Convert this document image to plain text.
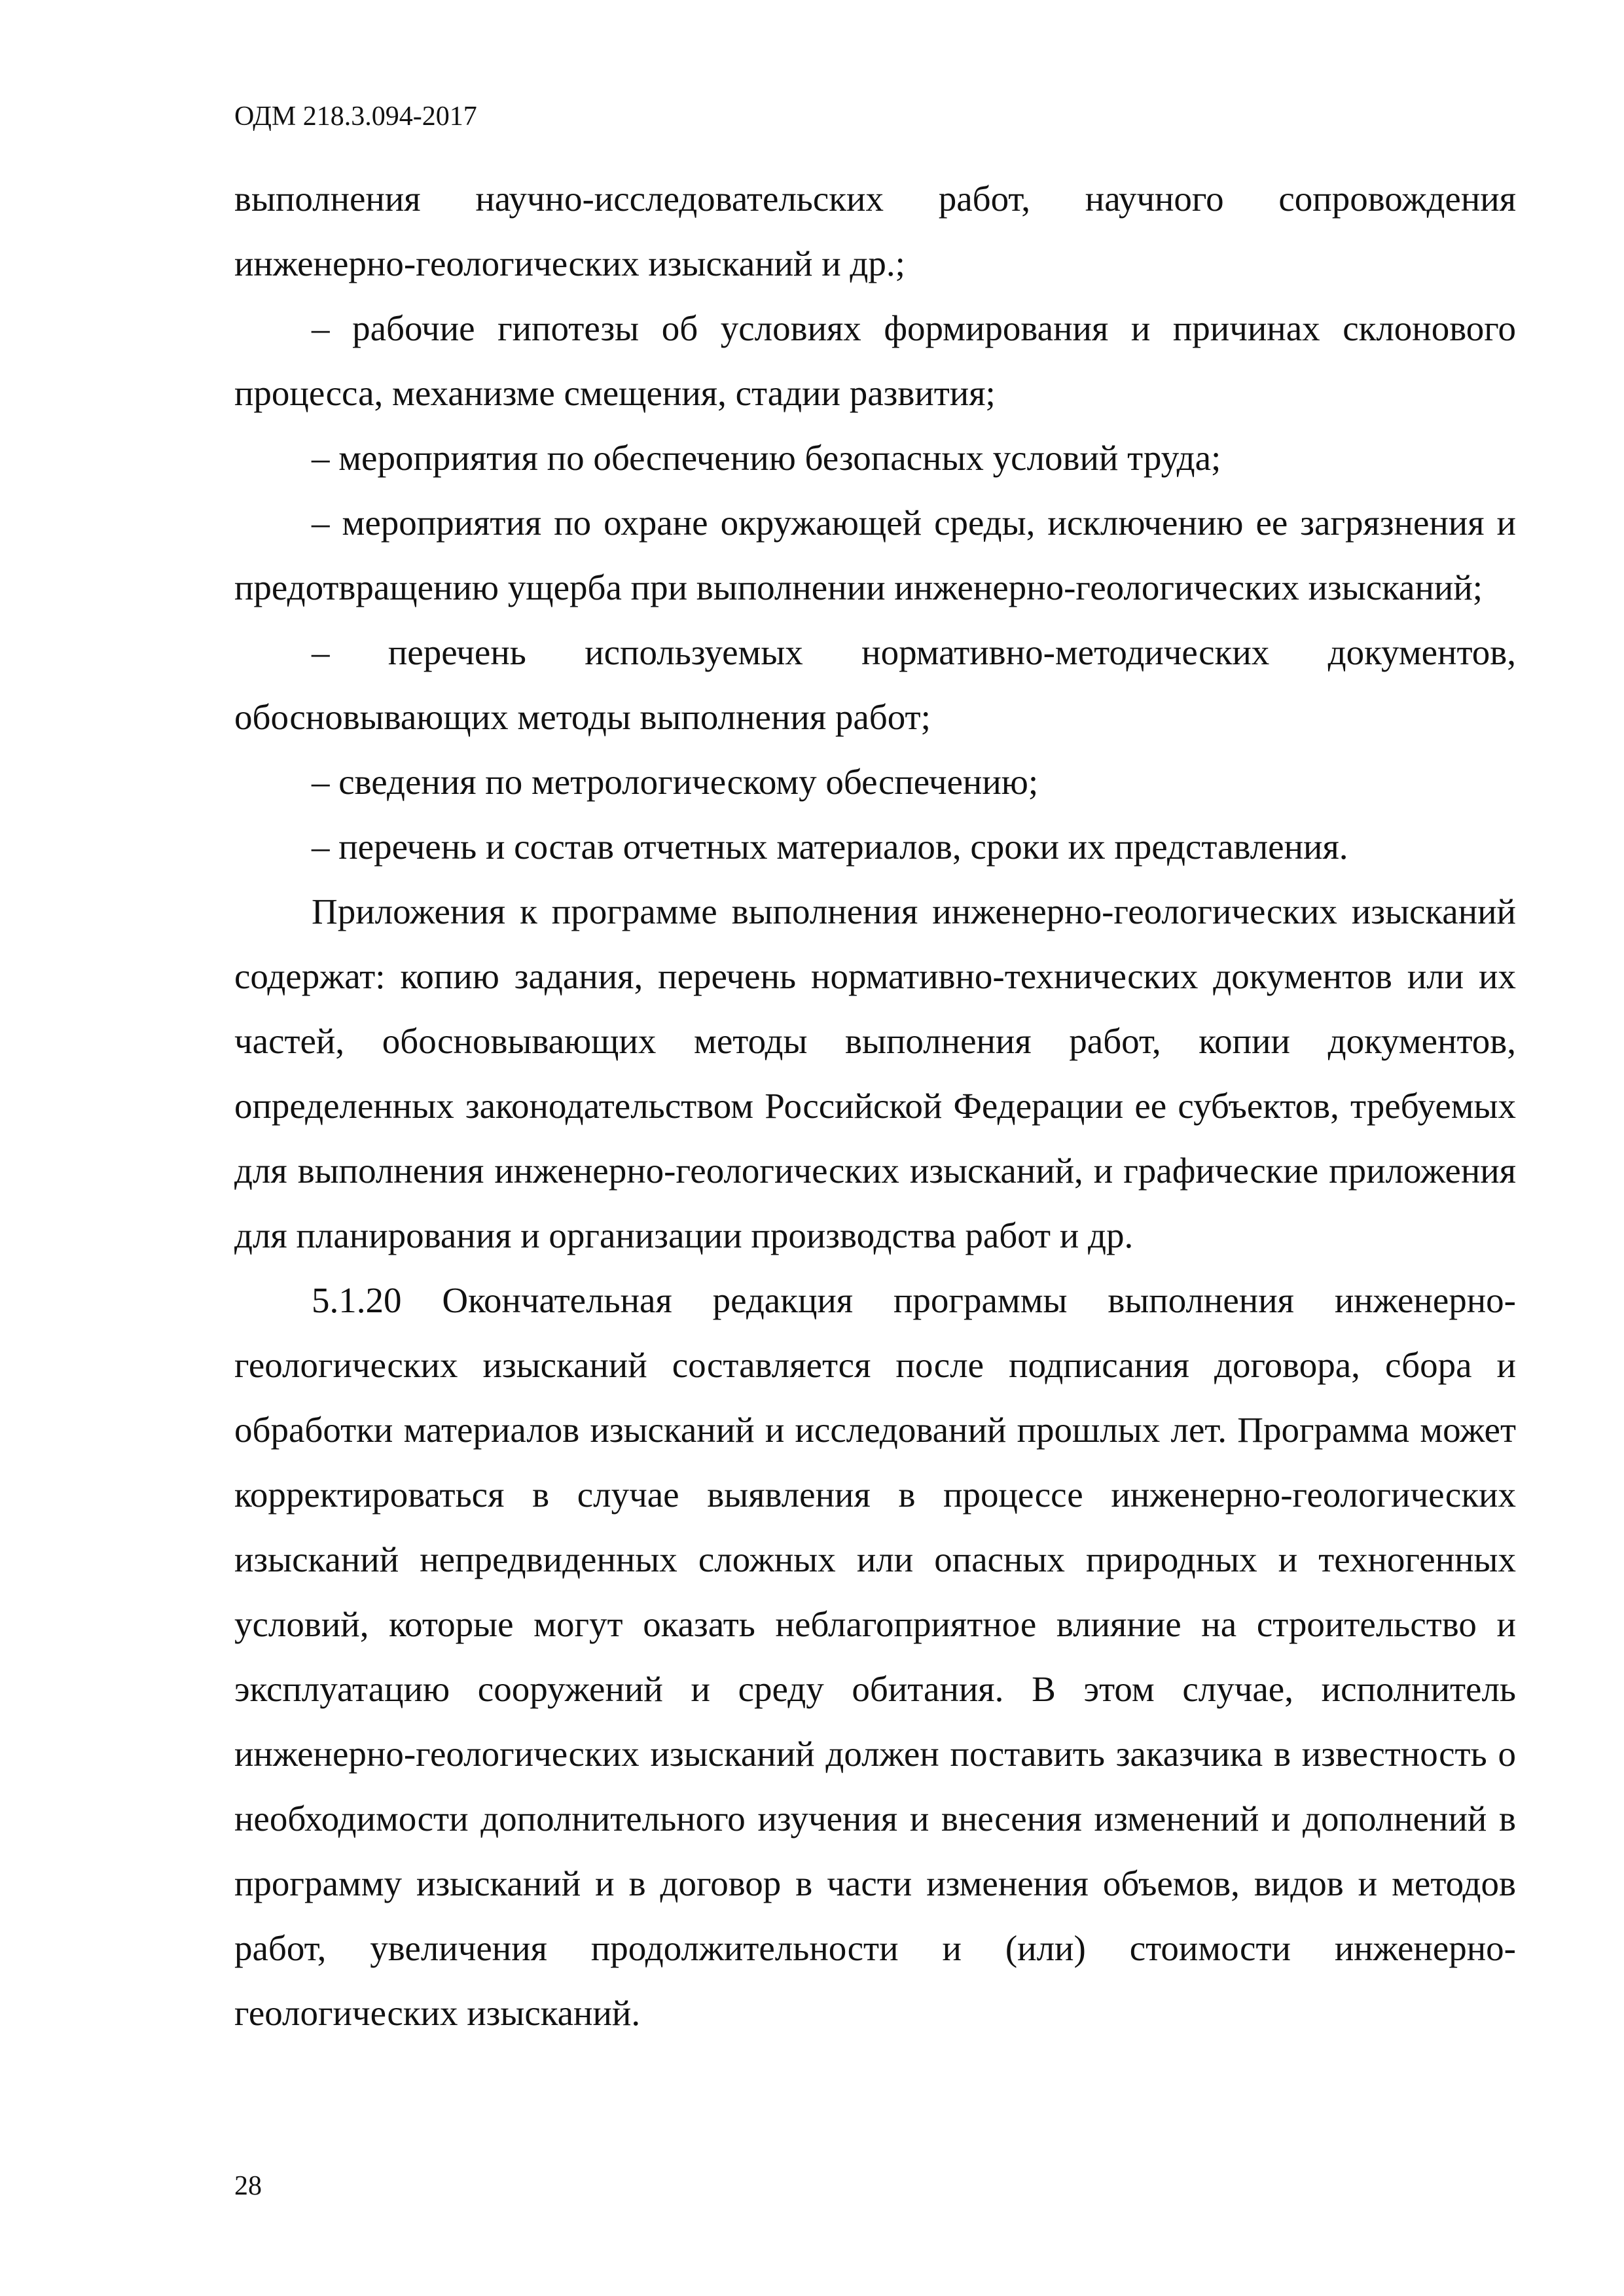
ОДМ 218.3.094-2017

выполнения научно-исследовательских работ, научного сопровождения инженерно-геологических изысканий и др.;

– рабочие гипотезы об условиях формирования и причинах склонового процесса, механизме смещения, стадии развития;

– мероприятия по обеспечению безопасных условий труда;

– мероприятия по охране окружающей среды, исключению ее загрязнения и предотвращению ущерба при выполнении инженерно-геологических изысканий;

– перечень используемых нормативно-методических документов, обосновывающих методы выполнения работ;

– сведения по метрологическому обеспечению;

– перечень и состав отчетных материалов, сроки их представления.

Приложения к программе выполнения инженерно-геологических изысканий содержат: копию задания, перечень нормативно-технических документов или их частей, обосновывающих методы выполнения работ, копии документов, определенных законодательством Российской Федерации ее субъектов, требуемых для выполнения инженерно-геологических изысканий, и графические приложения для планирования и организации производства работ и др.

5.1.20 Окончательная редакция программы выполнения инженерно-геологических изысканий составляется после подписания договора, сбора и обработки материалов изысканий и исследований прошлых лет. Программа может корректироваться в случае выявления в процессе инженерно-геологических изысканий непредвиденных сложных или опасных природных и техногенных условий, которые могут оказать неблагоприятное влияние на строительство и эксплуатацию сооружений и среду обитания. В этом случае, исполнитель инженерно-геологических изысканий должен поставить заказчика в известность о необходимости дополнительного изучения и внесения изменений и дополнений в программу изысканий и в договор в части изменения объемов, видов и методов работ, увеличения продолжительности и (или) стоимости инженерно-геологических изысканий.

28
